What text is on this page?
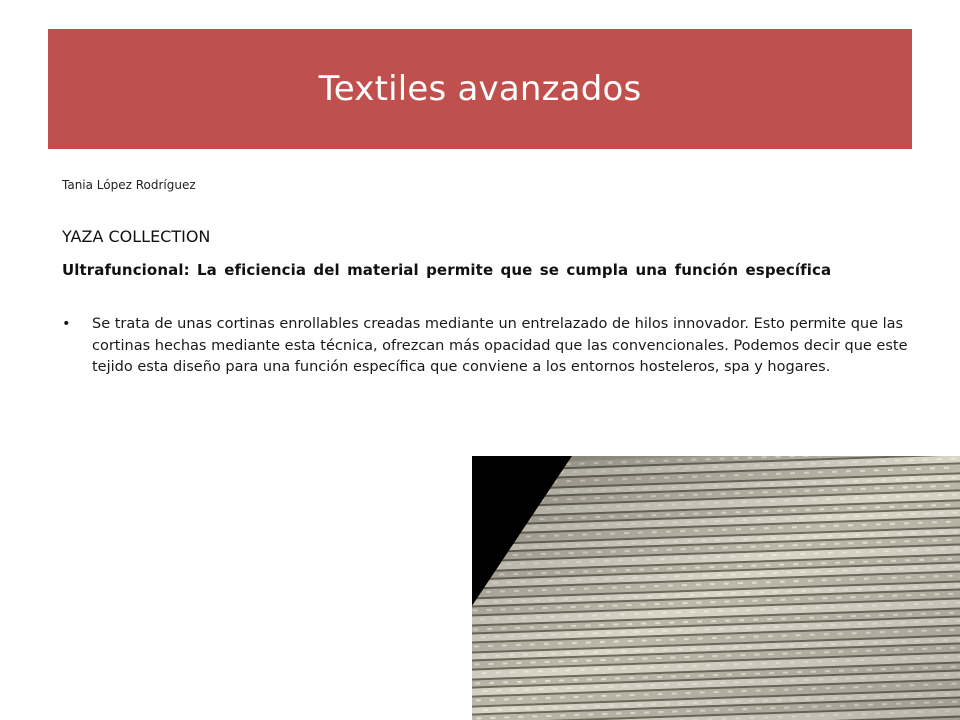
Textiles avanzados
Tania López Rodríguez
YAZA COLLECTION
Ultrafuncional: La eficiencia del material permite que se cumpla una función específica
• Se trata de unas cortinas enrollables creadas mediante un entrelazado de hilos innovador. Esto permite que las cortinas hechas mediante esta técnica, ofrezcan más opacidad que las convencionales. Podemos decir que este tejido esta diseño para una función específica que conviene a los entornos hosteleros, spa y hogares.
